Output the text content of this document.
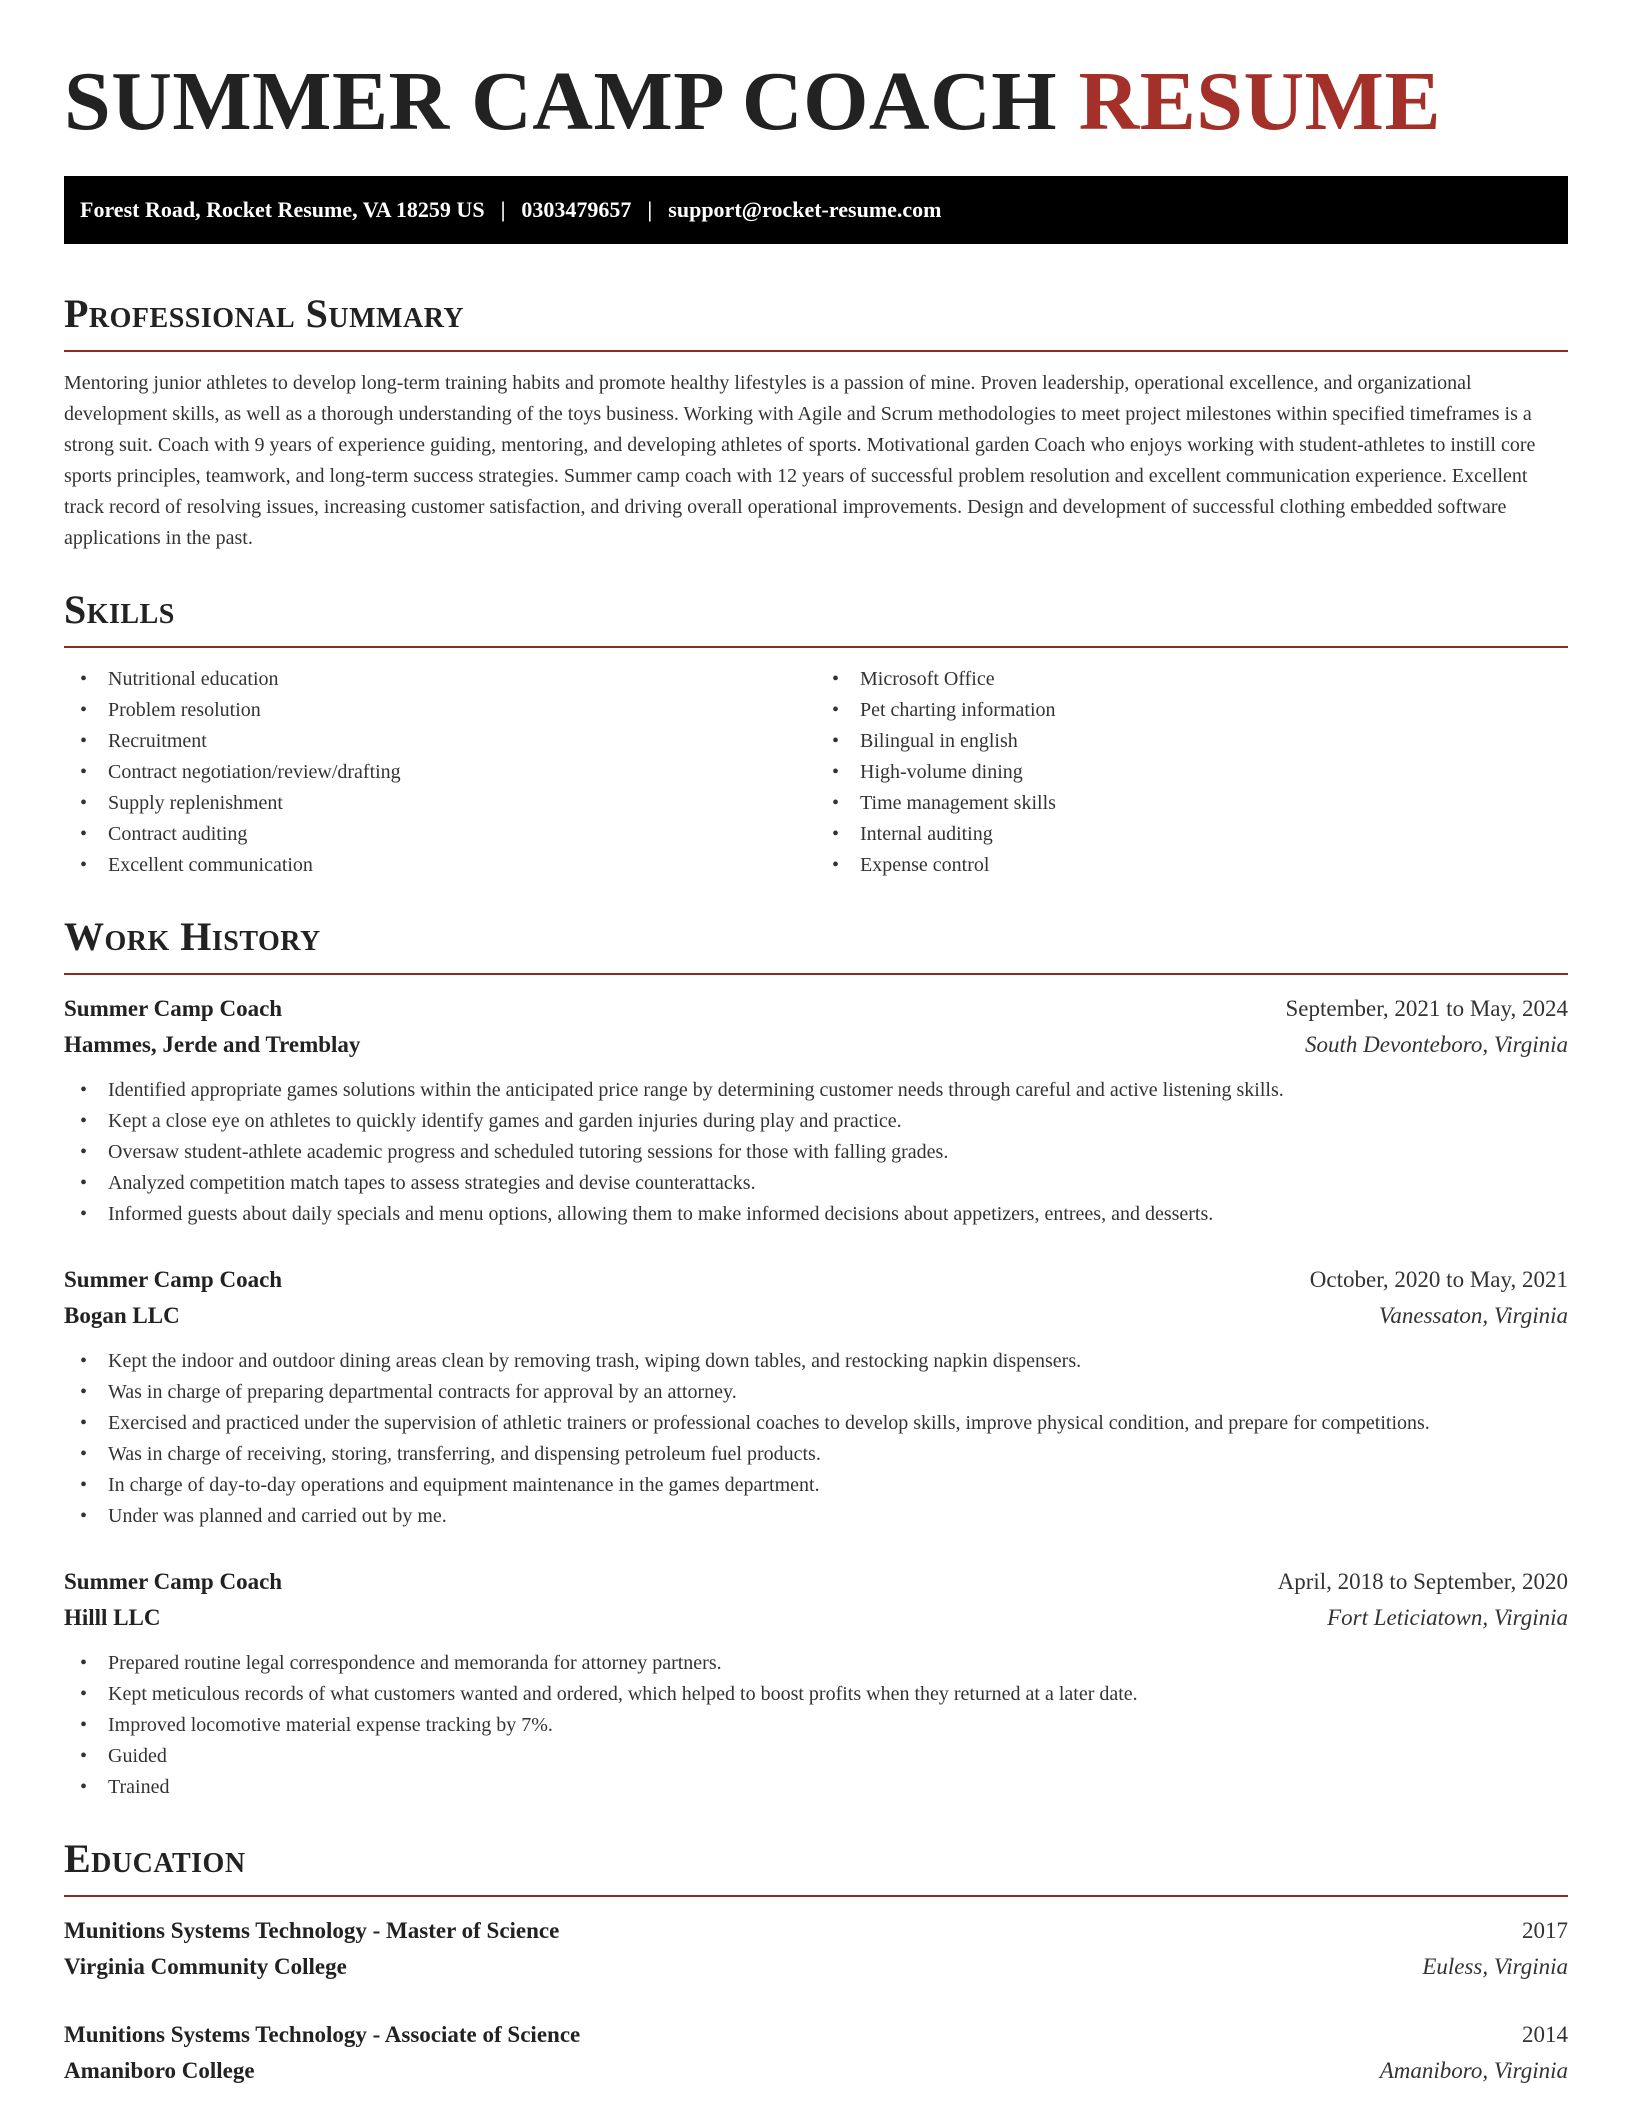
SUMMER CAMP COACH RESUME
Forest Road, Rocket Resume, VA 18259 US | 0303479657 | support@rocket-resume.com
Professional Summary

Mentoring junior athletes to develop long-term training habits and promote healthy lifestyles is a passion of mine. Proven leadership, operational excellence, and organizational development skills, as well as a thorough understanding of the toys business. Working with Agile and Scrum methodologies to meet project milestones within specified timeframes is a strong suit. Coach with 9 years of experience guiding, mentoring, and developing athletes of sports. Motivational garden Coach who enjoys working with student-athletes to instill core sports principles, teamwork, and long-term success strategies. Summer camp coach with 12 years of successful problem resolution and excellent communication experience. Excellent track record of resolving issues, increasing customer satisfaction, and driving overall operational improvements. Design and development of successful clothing embedded software applications in the past.

Skills
• Nutritional education
• Problem resolution
• Recruitment
• Contract negotiation/review/drafting
• Supply replenishment
• Contract auditing
• Excellent communication
• Microsoft Office
• Pet charting information
• Bilingual in english
• High-volume dining
• Time management skills
• Internal auditing
• Expense control
Work History
Summer Camp Coach	September, 2021 to May, 2024
Hammes, Jerde and Tremblay	South Devonteboro, Virginia
• Identified appropriate games solutions within the anticipated price range by determining customer needs through careful and active listening skills.
• Kept a close eye on athletes to quickly identify games and garden injuries during play and practice.
• Oversaw student-athlete academic progress and scheduled tutoring sessions for those with falling grades.
• Analyzed competition match tapes to assess strategies and devise counterattacks.
• Informed guests about daily specials and menu options, allowing them to make informed decisions about appetizers, entrees, and desserts.
Summer Camp Coach	October, 2020 to May, 2021
Bogan LLC	Vanessaton, Virginia
• Kept the indoor and outdoor dining areas clean by removing trash, wiping down tables, and restocking napkin dispensers.
• Was in charge of preparing departmental contracts for approval by an attorney.
• Exercised and practiced under the supervision of athletic trainers or professional coaches to develop skills, improve physical condition, and prepare for competitions.
• Was in charge of receiving, storing, transferring, and dispensing petroleum fuel products.
• In charge of day-to-day operations and equipment maintenance in the games department.
• Under was planned and carried out by me.
Summer Camp Coach	April, 2018 to September, 2020
Hilll LLC	Fort Leticiatown, Virginia
• Prepared routine legal correspondence and memoranda for attorney partners.
• Kept meticulous records of what customers wanted and ordered, which helped to boost profits when they returned at a later date.
• Improved locomotive material expense tracking by 7%.
• Guided
• Trained
Education
Munitions Systems Technology - Master of Science	2017
Virginia Community College	Euless, Virginia
Munitions Systems Technology - Associate of Science	2014
Amaniboro College	Amaniboro, Virginia
